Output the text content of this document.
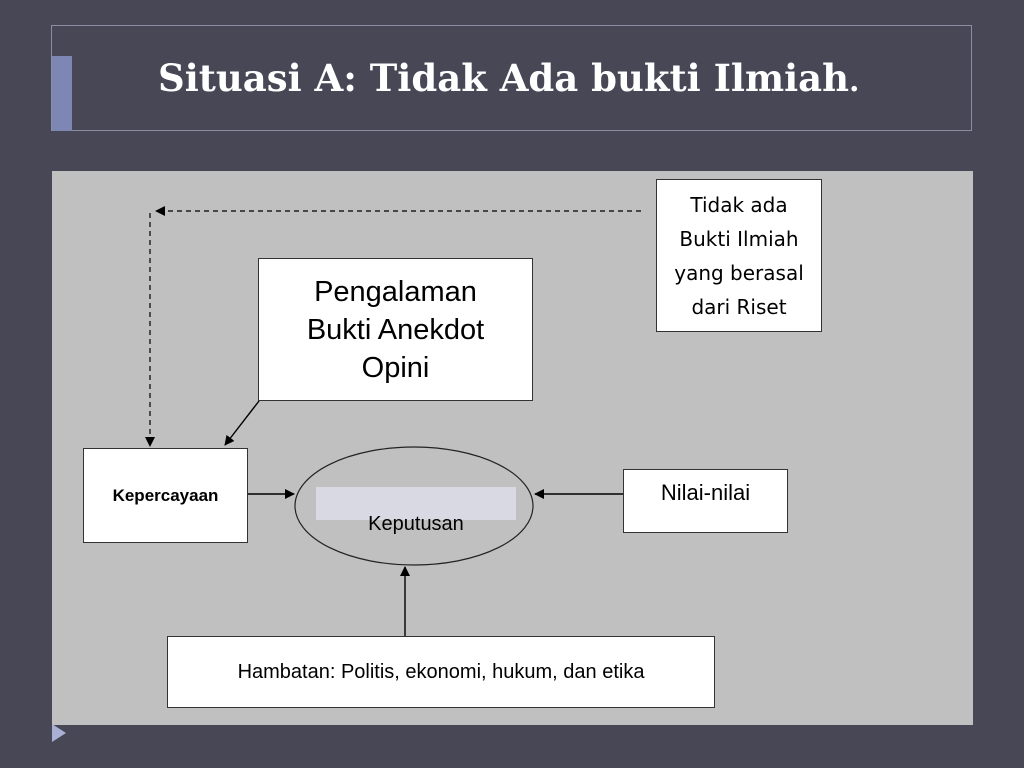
Situasi A: Tidak Ada bukti Ilmiah.
Pengalaman
Bukti Anekdot
Opini
Tidak ada
Bukti Ilmiah
yang berasal
dari Riset
Kepercayaan
Keputusan
Nilai-nilai
Hambatan: Politis, ekonomi, hukum, dan etika
